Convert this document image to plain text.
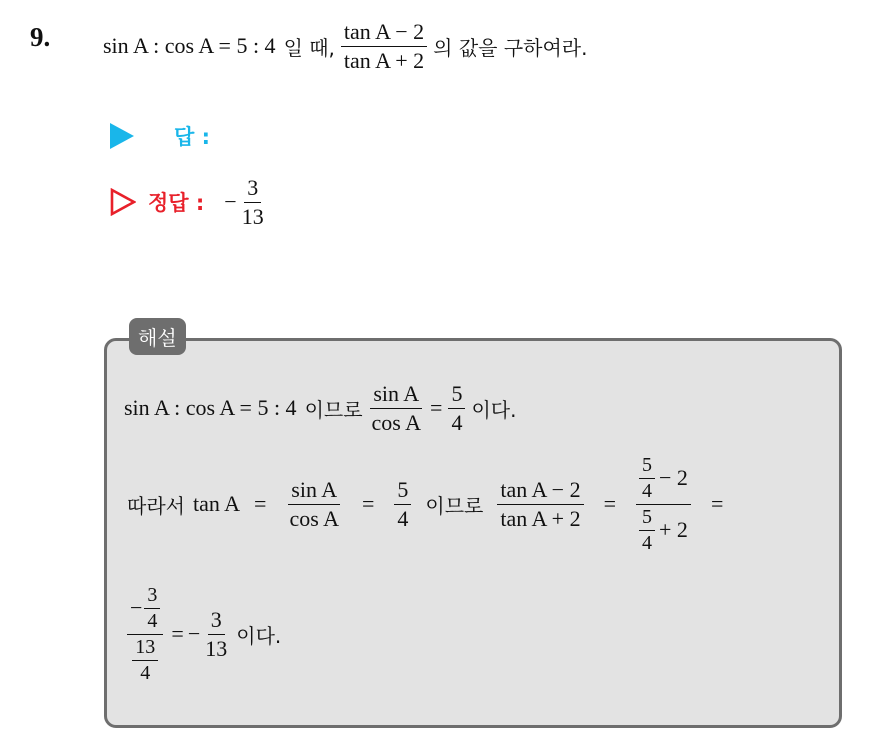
9. sin A : cos A = 5 : 4 일 때, $\frac{\text{tan A − 2}}{\text{tan A + 2}}$ 의 값을 구하여라.
답 :
정답 : − $\frac{3}{13}$
해설
sin A : cos A = 5 : 4 이므로 $\frac{\text{sin A}}{\text{cos A}} = \frac{5}{4}$ 이다.
따라서 $\tan A = \frac{\text{sin A}}{\text{cos A}} = \frac{5}{4}$ 이므로 $\frac{\text{tan A − 2}}{\text{tan A + 2}} = \frac{\frac{5}{4} - 2}{\frac{5}{4} + 2}$ =
$\frac{- \frac{3}{4}}{\frac{13}{4}}$ = − $\frac{3}{13}$ 이다.
